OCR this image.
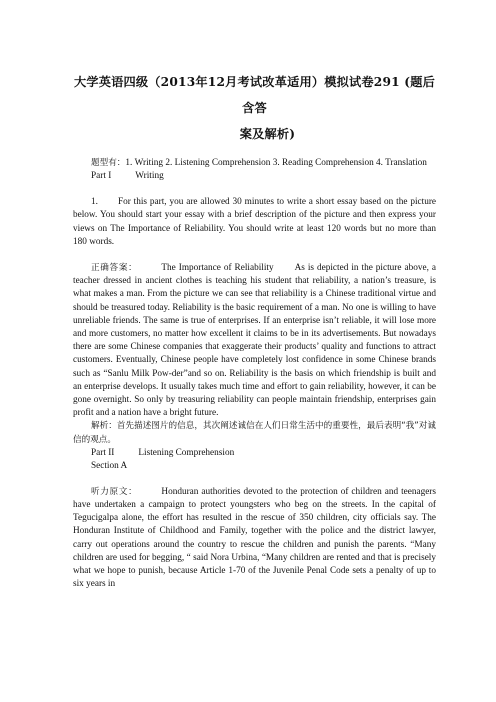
大学英语四级（2013年12月考试改革适用）模拟试卷291 (题后含答
案及解析)

题型有：1. Writing 2. Listening Comprehension 3. Reading Comprehension 4. Translation

Part I	Writing

1. For this part, you are allowed 30 minutes to write a short essay based on the picture below. You should start your essay with a brief description of the picture and then express your views on The Importance of Reliability. You should write at least 120 words but no more than 180 words.

正确答案：	The Importance of Reliability As is depicted in the picture above, a teacher dressed in ancient clothes is teaching his student that reliability, a nation’s treasure, is what makes a man. From the picture we can see that reliability is a Chinese traditional virtue and should be treasured today. Reliability is the basic requirement of a man. No one is willing to have unreliable friends. The same is true of enterprises. If an enterprise isn’t reliable, it will lose more and more customers, no matter how excellent it claims to be in its advertisements. But nowadays there are some Chinese companies that exaggerate their products’ quality and functions to attract customers. Eventually, Chinese people have completely lost confidence in some Chinese brands such as “Sanlu Milk Pow-der”and so on. Reliability is the basis on which friendship is built and an enterprise develops. It usually takes much time and effort to gain reliability, however, it can be gone overnight. So only by treasuring reliability can people maintain friendship, enterprises gain profit and a nation have a bright future.

解析：首先描述图片的信息，其次阐述诚信在人们日常生活中的重要性，最后表明“我”对诚信的观点。

Part II	Listening Comprehension

Section A

听力原文：	Honduran authorities devoted to the protection of children and teenagers have undertaken a campaign to protect youngsters who beg on the streets. In the capital of Tegucigalpa alone, the effort has resulted in the rescue of 350 children, city officials say. The Honduran Institute of Childhood and Family, together with the police and the district lawyer, carry out operations around the country to rescue the children and punish the parents. “Many children are used for begging, “ said Nora Urbina, “Many children are rented and that is precisely what we hope to punish, because Article 1-70 of the Juvenile Penal Code sets a penalty of up to six years in
